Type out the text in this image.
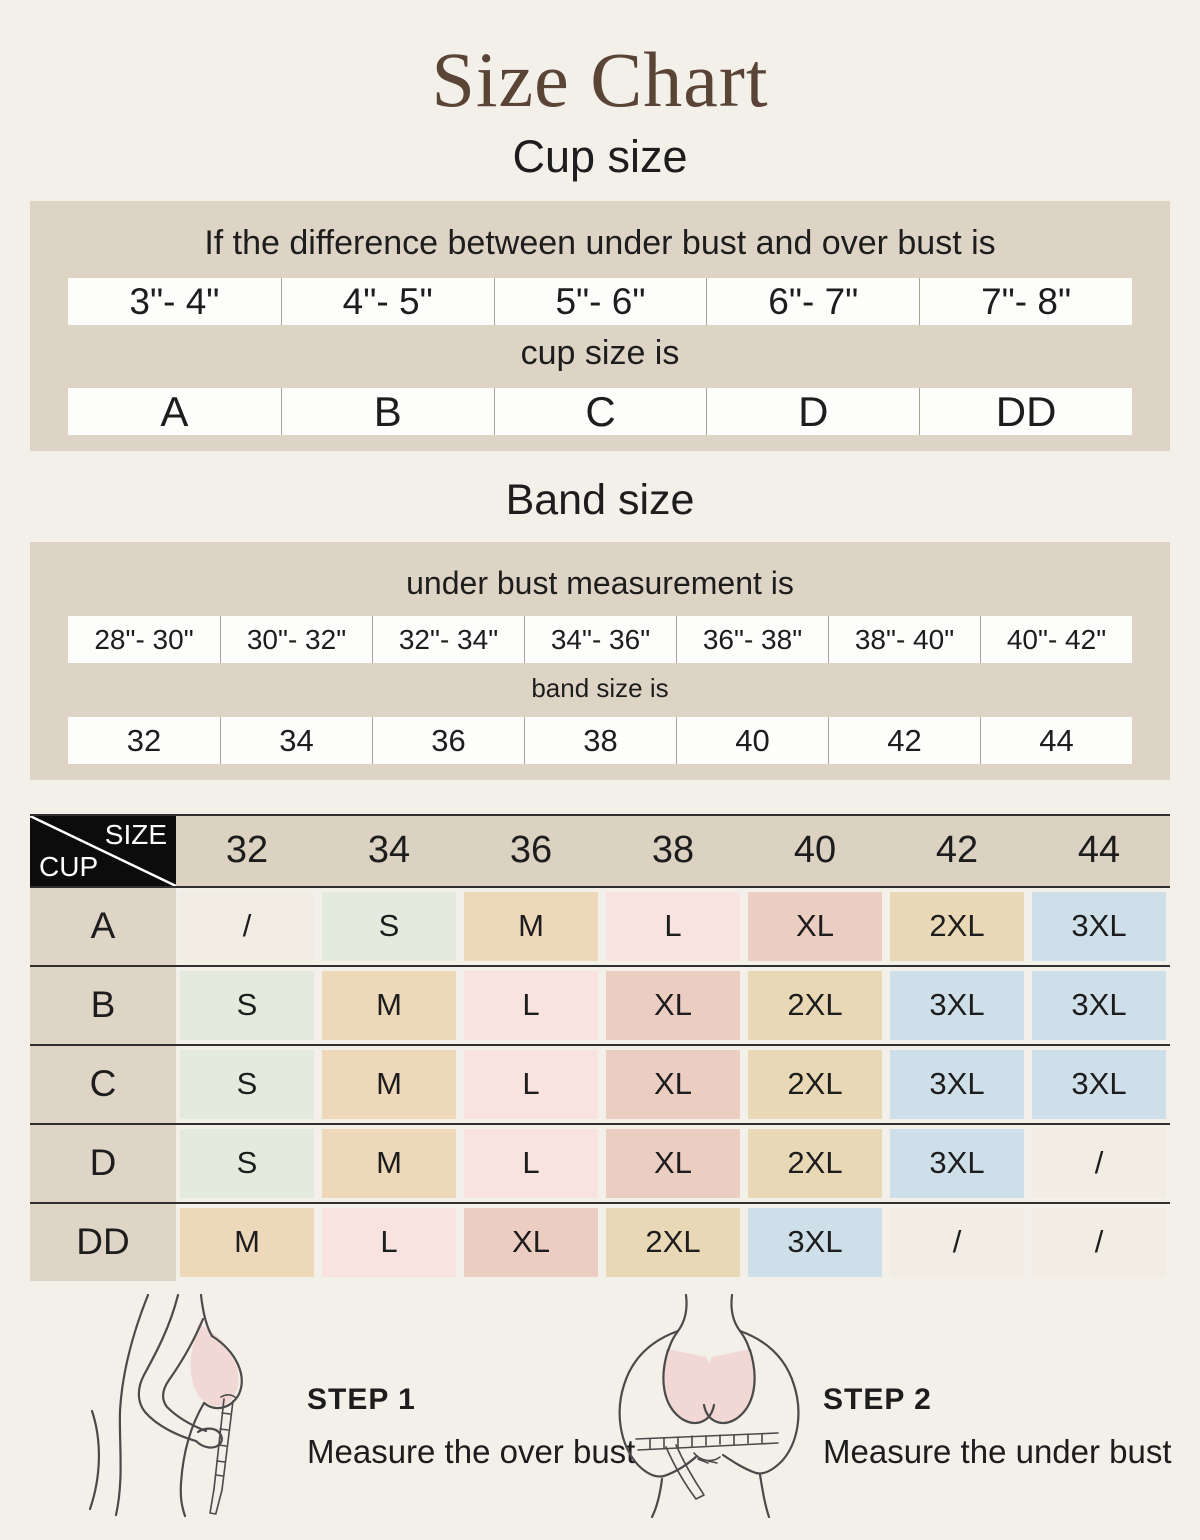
Size Chart
Cup size
If the difference between under bust and over bust is
3"- 4"	4"- 5"	5"- 6"	6"- 7"	7"- 8"
cup size is
A	B	C	D	DD
Band size
under bust measurement is
28"- 30"	30"- 32"	32"- 34"	34"- 36"	36"- 38"	38"- 40"	40"- 42"
band size is
32	34	36	38	40	42	44
SIZE
CUP	32	34	36	38	40	42	44
A	/	S	M	L	XL	2XL	3XL
B	S	M	L	XL	2XL	3XL	3XL
C	S	M	L	XL	2XL	3XL	3XL
D	S	M	L	XL	2XL	3XL	/
DD	M	L	XL	2XL	3XL	/	/
STEP 1
Measure the over bust
STEP 2
Measure the under bust
